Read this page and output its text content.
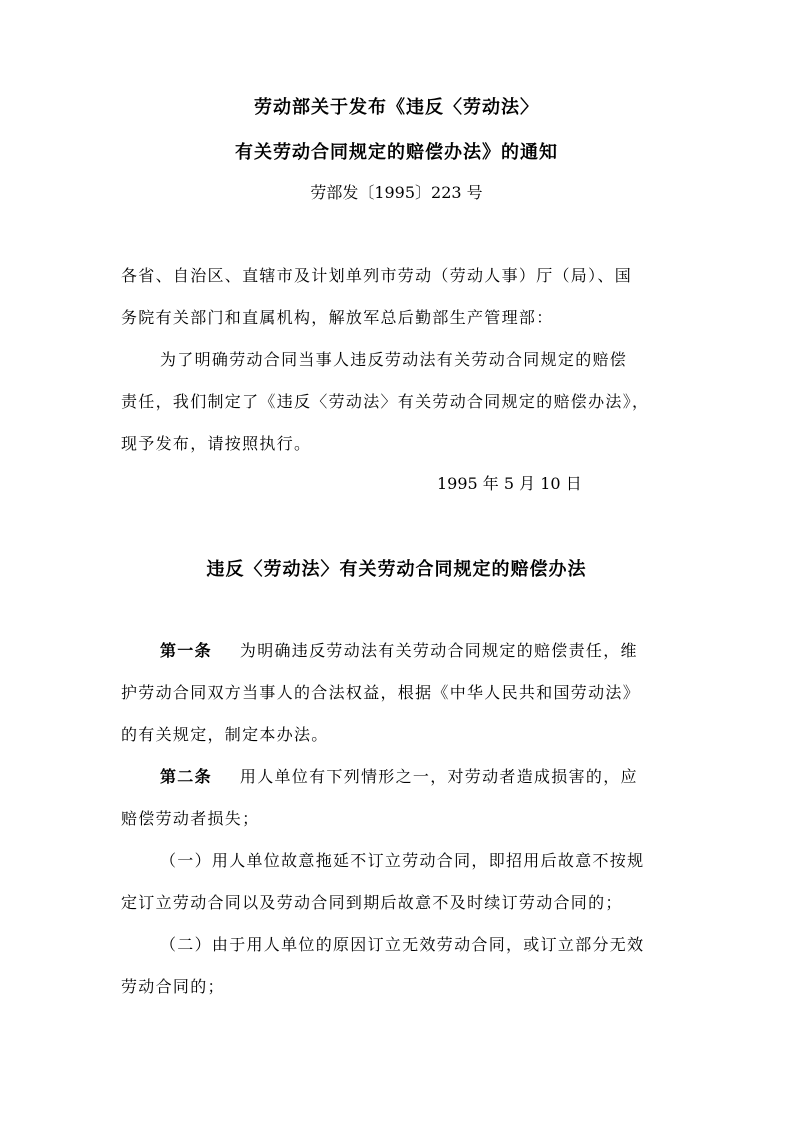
劳动部关于发布《违反〈劳动法〉
有关劳动合同规定的赔偿办法》的通知
劳部发〔1995〕223 号
各省、自治区、直辖市及计划单列市劳动（劳动人事）厅（局）、国
务院有关部门和直属机构，解放军总后勤部生产管理部：
为了明确劳动合同当事人违反劳动法有关劳动合同规定的赔偿
责任，我们制定了《违反〈劳动法〉有关劳动合同规定的赔偿办法》，
现予发布，请按照执行。
1995 年 5 月 10 日
违反〈劳动法〉有关劳动合同规定的赔偿办法
第一条 为明确违反劳动法有关劳动合同规定的赔偿责任，维
护劳动合同双方当事人的合法权益，根据《中华人民共和国劳动法》
的有关规定，制定本办法。
第二条 用人单位有下列情形之一，对劳动者造成损害的，应
赔偿劳动者损失；
（一）用人单位故意拖延不订立劳动合同，即招用后故意不按规
定订立劳动合同以及劳动合同到期后故意不及时续订劳动合同的；
（二）由于用人单位的原因订立无效劳动合同，或订立部分无效
劳动合同的；
